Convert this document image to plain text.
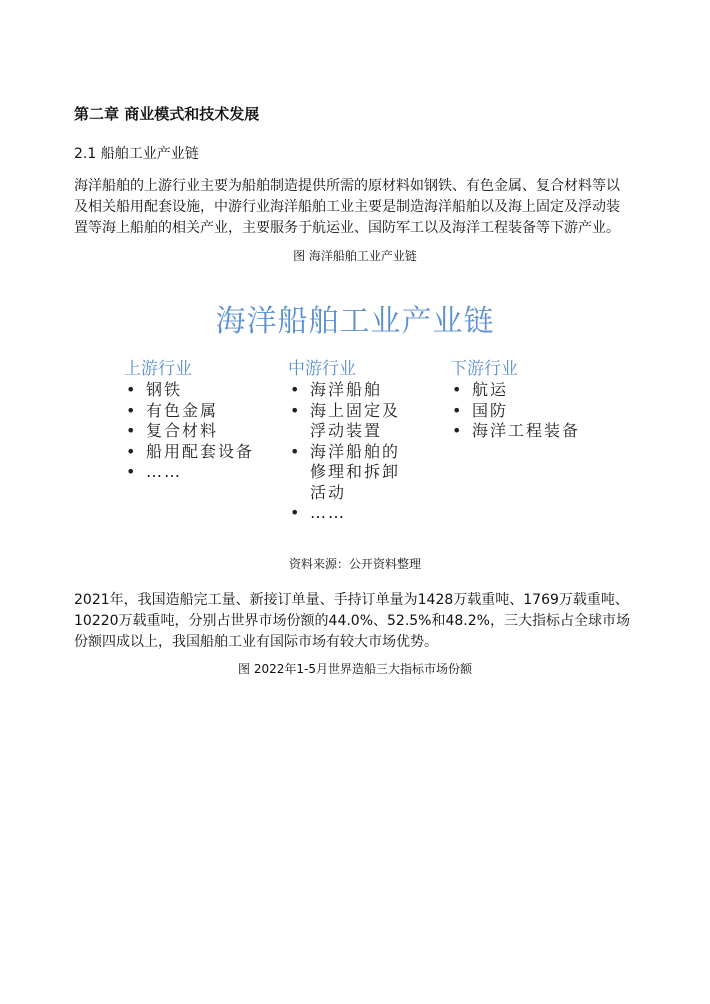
第二章 商业模式和技术发展
2.1 船舶工业产业链
海洋船舶的上游行业主要为船舶制造提供所需的原材料如钢铁、有色金属、复合材料等以
及相关船用配套设施，中游行业海洋船舶工业主要是制造海洋船舶以及海上固定及浮动装
置等海上船舶的相关产业，主要服务于航运业、国防军工以及海洋工程装备等下游产业。
图 海洋船舶工业产业链
海洋船舶工业产业链
上游行业
• 钢铁
• 有色金属
• 复合材料
• 船用配套设备
• ……
中游行业
• 海洋船舶
• 海上固定及浮动装置
• 海洋船舶的修理和拆卸活动
• ……
下游行业
• 航运
• 国防
• 海洋工程装备
资料来源：公开资料整理
2021年，我国造船完工量、新接订单量、手持订单量为1428万载重吨、1769万载重吨、
10220万载重吨，分别占世界市场份额的44.0%、52.5%和48.2%，三大指标占全球市场
份额四成以上，我国船舶工业有国际市场有较大市场优势。
图 2022年1-5月世界造船三大指标市场份额
